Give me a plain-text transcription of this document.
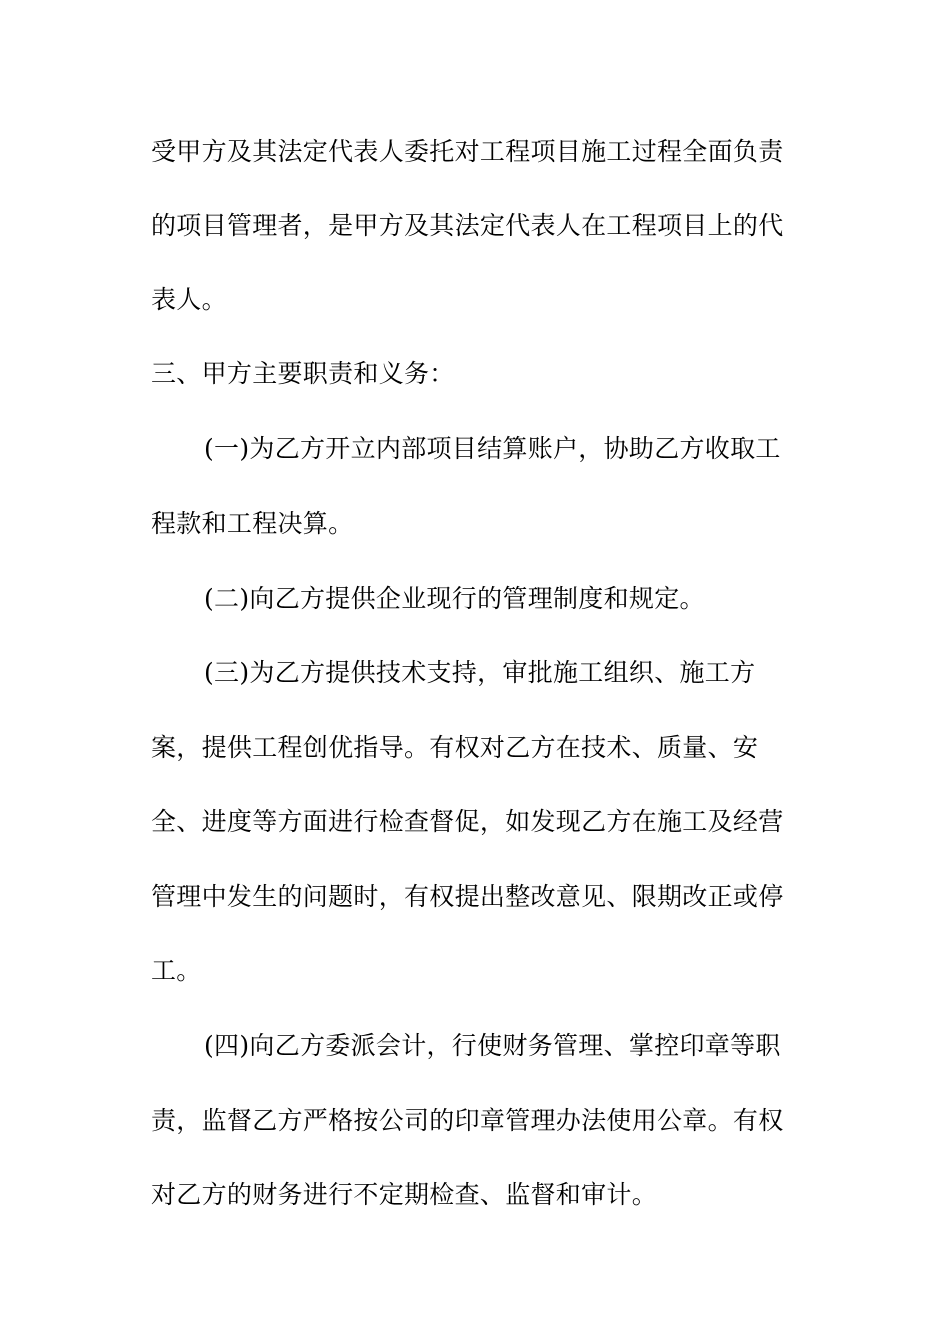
受甲方及其法定代表人委托对工程项目施工过程全面负责
的项目管理者，是甲方及其法定代表人在工程项目上的代
表人。
三、甲方主要职责和义务：
(一)为乙方开立内部项目结算账户，协助乙方收取工
程款和工程决算。
(二)向乙方提供企业现行的管理制度和规定。
(三)为乙方提供技术支持，审批施工组织、施工方
案，提供工程创优指导。有权对乙方在技术、质量、安
全、进度等方面进行检查督促，如发现乙方在施工及经营
管理中发生的问题时，有权提出整改意见、限期改正或停
工。
(四)向乙方委派会计，行使财务管理、掌控印章等职
责，监督乙方严格按公司的印章管理办法使用公章。有权
对乙方的财务进行不定期检查、监督和审计。
